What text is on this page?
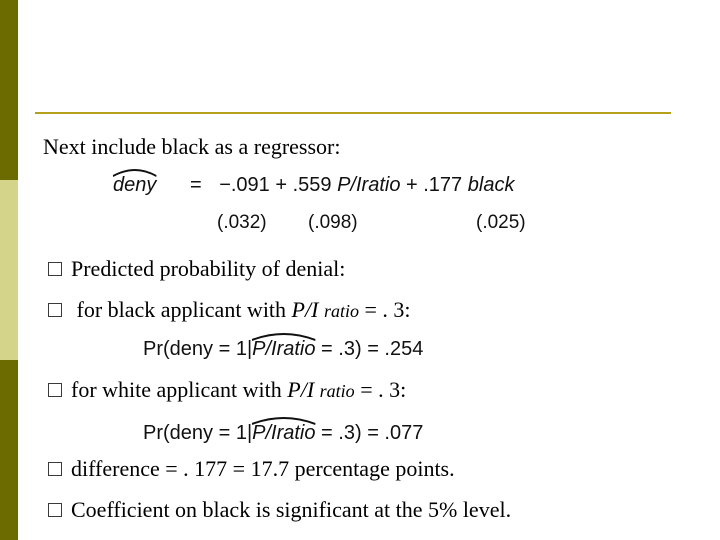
Next include black as a regressor:
deny = −.091 + .559 P/Iratio + .177 black
(.032) (.098)	(.025)
Predicted probability of denial:
for black applicant with P/I ratio = . 3:
Pr(deny = 1|
P/Iratio = .3) = .254
for white applicant with P/I ratio = . 3:
Pr(deny = 1|
P/Iratio = .3) = .077
difference = . 177 = 17.7 percentage points.
Coefficient on black is significant at the 5% level.
